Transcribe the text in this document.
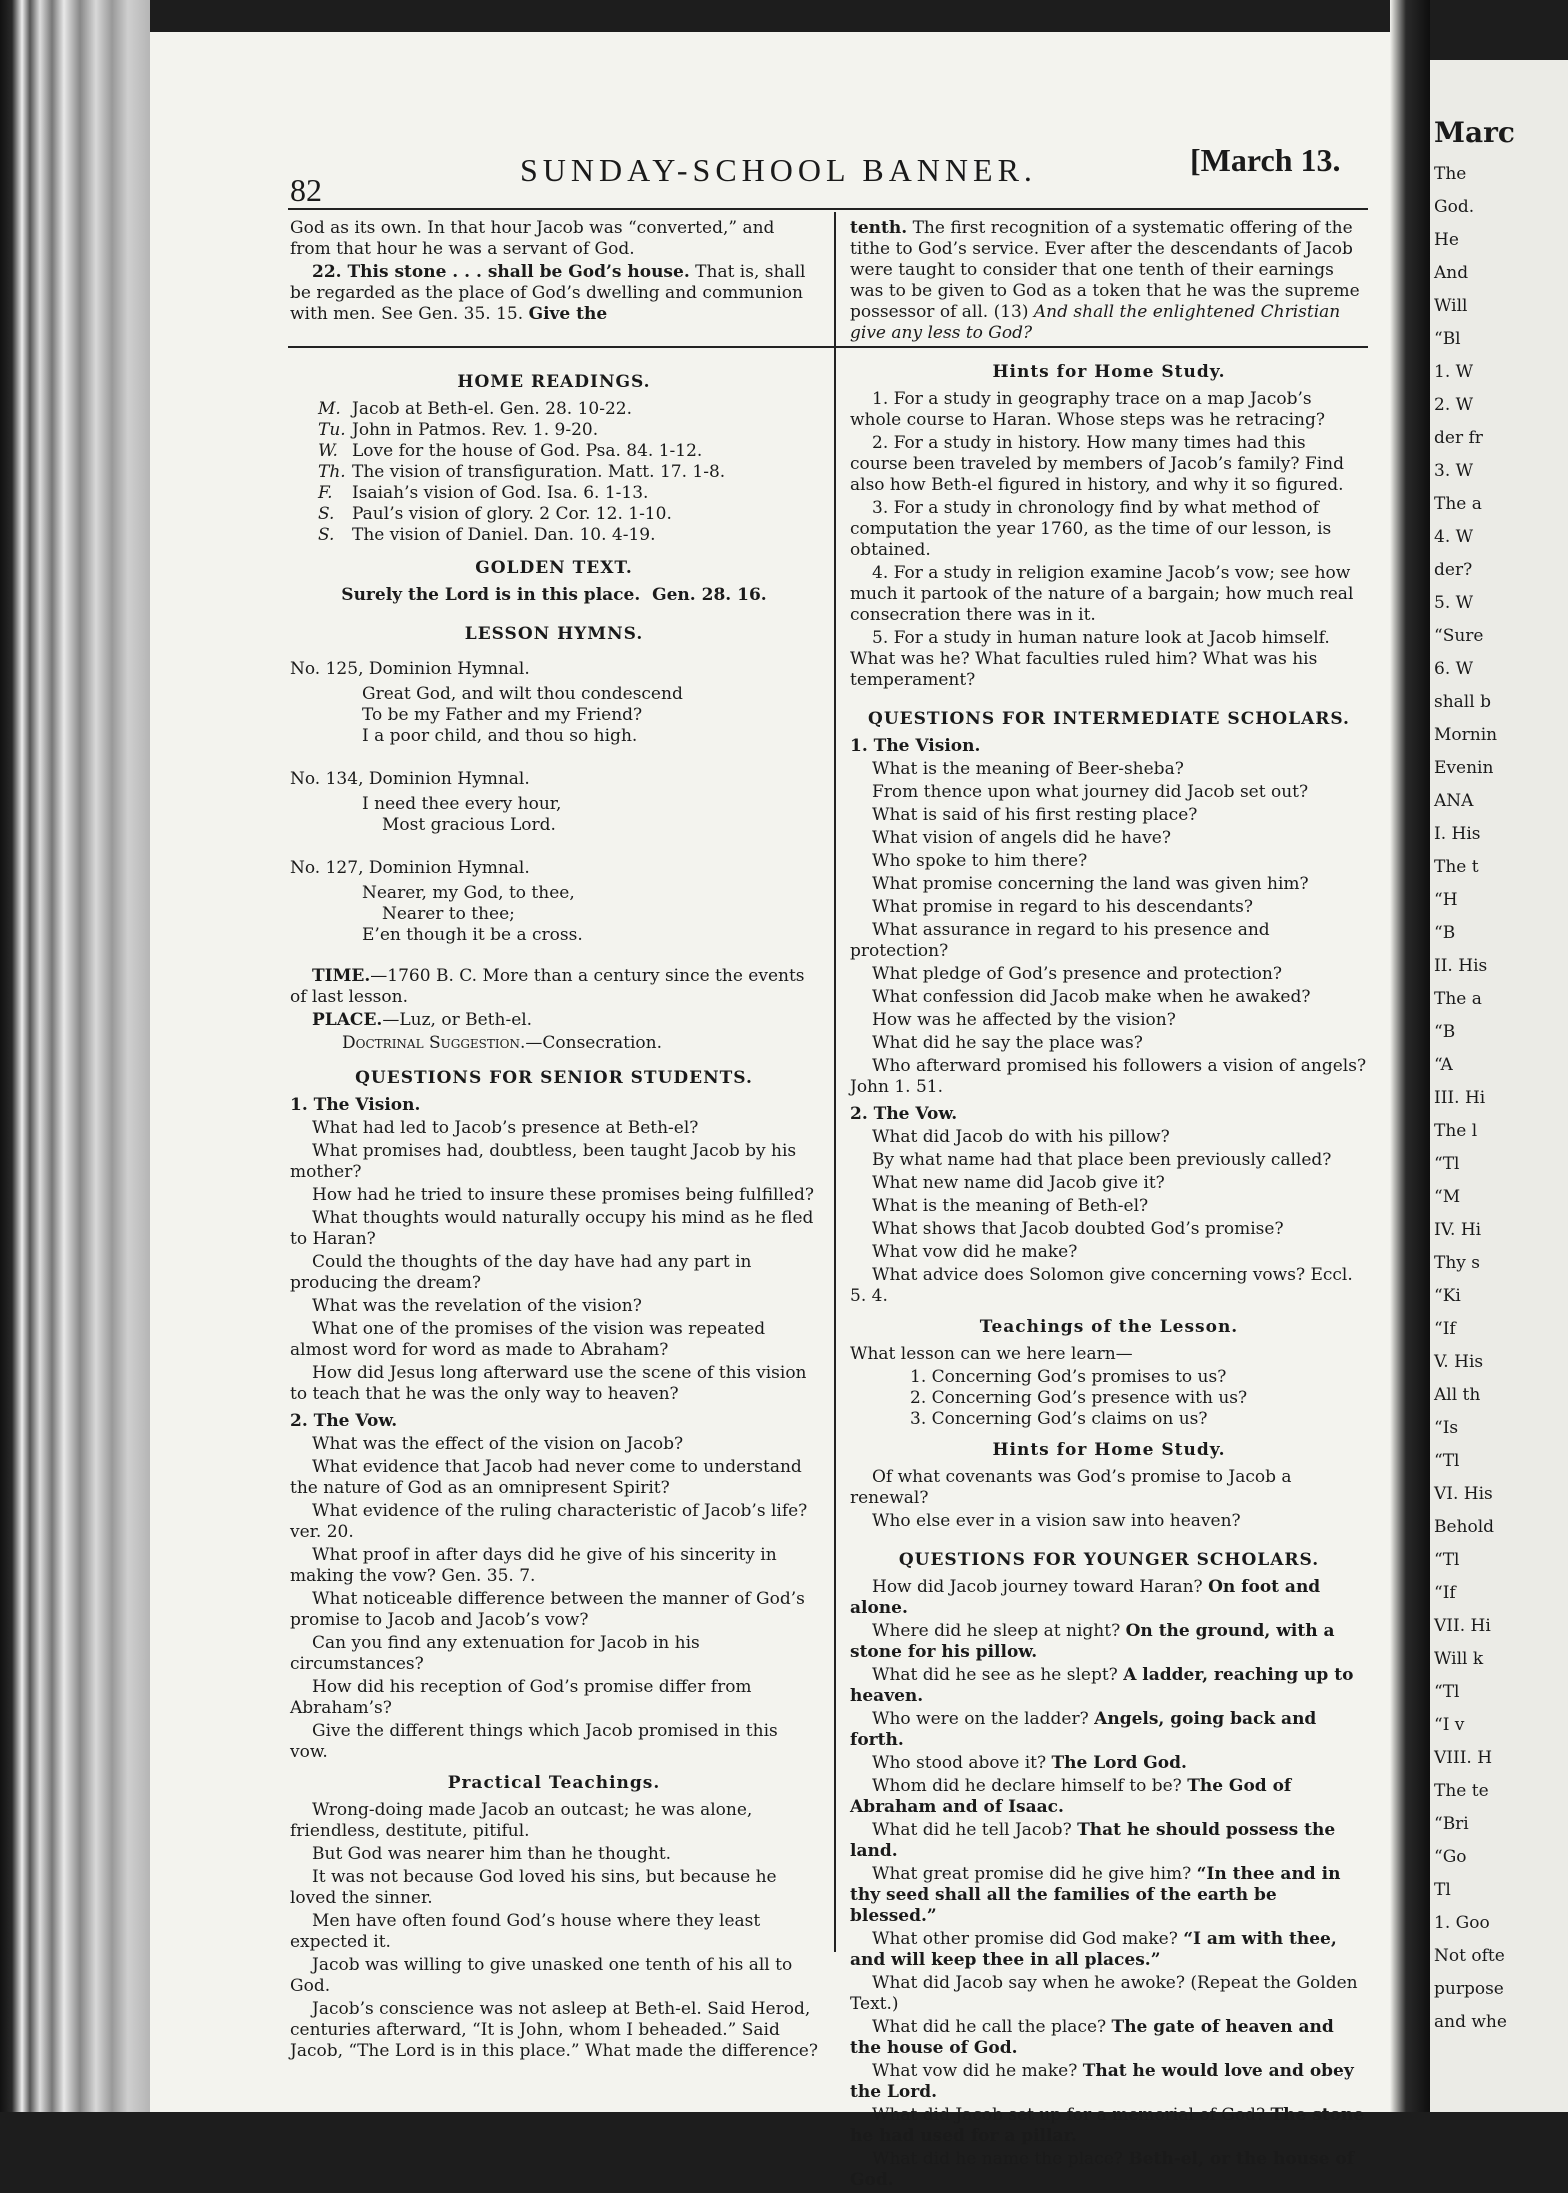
82
SUNDAY-SCHOOL BANNER.	[March 13.

God as its own. In that hour Jacob was “converted,” and from that hour he was a servant of God.

22. This stone . . . shall be God’s house. That is, shall be regarded as the place of God’s dwelling and communion with men. See Gen. 35. 15. Give the

tenth. The first recognition of a systematic offering of the tithe to God’s service. Ever after the descendants of Jacob were taught to consider that one tenth of their earnings was to be given to God as a token that he was the supreme possessor of all. (13) And shall the enlightened Christian give any less to God?

HOME READINGS.
M. Jacob at Beth-el. Gen. 28. 10-22.
Tu. John in Patmos. Rev. 1. 9-20.
W. Love for the house of God. Psa. 84. 1-12.
Th. The vision of transfiguration. Matt. 17. 1-8.
F. Isaiah’s vision of God. Isa. 6. 1-13.
S. Paul’s vision of glory. 2 Cor. 12. 1-10.
S. The vision of Daniel. Dan. 10. 4-19.
GOLDEN TEXT.
Surely the Lord is in this place. Gen. 28. 16.
LESSON HYMNS.
No. 125, Dominion Hymnal.
Great God, and wilt thou condescend
To be my Father and my Friend?
I a poor child, and thou so high.
No. 134, Dominion Hymnal.
I need thee every hour,
Most gracious Lord.
No. 127, Dominion Hymnal.
Nearer, my God, to thee,
Nearer to thee;
E’en though it be a cross.

TIME.—1760 B. C. More than a century since the events of last lesson.

PLACE.—Luz, or Beth-el.

Doctrinal Suggestion.—Consecration.

QUESTIONS FOR SENIOR STUDENTS.
1. The Vision.

What had led to Jacob’s presence at Beth-el?

What promises had, doubtless, been taught Jacob by his mother?

How had he tried to insure these promises being fulfilled?

What thoughts would naturally occupy his mind as he fled to Haran?

Could the thoughts of the day have had any part in producing the dream?

What was the revelation of the vision?

What one of the promises of the vision was repeated almost word for word as made to Abraham?

How did Jesus long afterward use the scene of this vision to teach that he was the only way to heaven?

2. The Vow.

What was the effect of the vision on Jacob?

What evidence that Jacob had never come to understand the nature of God as an omnipresent Spirit?

What evidence of the ruling characteristic of Jacob’s life? ver. 20.

What proof in after days did he give of his sincerity in making the vow? Gen. 35. 7.

What noticeable difference between the manner of God’s promise to Jacob and Jacob’s vow?

Can you find any extenuation for Jacob in his circumstances?

How did his reception of God’s promise differ from Abraham’s?

Give the different things which Jacob promised in this vow.

Practical Teachings.

Wrong-doing made Jacob an outcast; he was alone, friendless, destitute, pitiful.

But God was nearer him than he thought.

It was not because God loved his sins, but because he loved the sinner.

Men have often found God’s house where they least expected it.

Jacob was willing to give unasked one tenth of his all to God.

Jacob’s conscience was not asleep at Beth-el. Said Herod, centuries afterward, “It is John, whom I beheaded.” Said Jacob, “The Lord is in this place.” What made the difference?

Hints for Home Study.

1. For a study in geography trace on a map Jacob’s whole course to Haran. Whose steps was he retracing?

2. For a study in history. How many times had this course been traveled by members of Jacob’s family? Find also how Beth-el figured in history, and why it so figured.

3. For a study in chronology find by what method of computation the year 1760, as the time of our lesson, is obtained.

4. For a study in religion examine Jacob’s vow; see how much it partook of the nature of a bargain; how much real consecration there was in it.

5. For a study in human nature look at Jacob himself. What was he? What faculties ruled him? What was his temperament?

QUESTIONS FOR INTERMEDIATE SCHOLARS.
1. The Vision.

What is the meaning of Beer-sheba?

From thence upon what journey did Jacob set out?

What is said of his first resting place?

What vision of angels did he have?

Who spoke to him there?

What promise concerning the land was given him?

What promise in regard to his descendants?

What assurance in regard to his presence and protection?

What pledge of God’s presence and protection?

What confession did Jacob make when he awaked?

How was he affected by the vision?

What did he say the place was?

Who afterward promised his followers a vision of angels? John 1. 51.

2. The Vow.

What did Jacob do with his pillow?

By what name had that place been previously called?

What new name did Jacob give it?

What is the meaning of Beth-el?

What shows that Jacob doubted God’s promise?

What vow did he make?

What advice does Solomon give concerning vows? Eccl. 5. 4.

Teachings of the Lesson.

What lesson can we here learn—

1. Concerning God’s promises to us?
2. Concerning God’s presence with us?
3. Concerning God’s claims on us?
Hints for Home Study.

Of what covenants was God’s promise to Jacob a renewal?

Who else ever in a vision saw into heaven?

QUESTIONS FOR YOUNGER SCHOLARS.

How did Jacob journey toward Haran? On foot and alone.

Where did he sleep at night? On the ground, with a stone for his pillow.

What did he see as he slept? A ladder, reaching up to heaven.

Who were on the ladder? Angels, going back and forth.

Who stood above it? The Lord God.

Whom did he declare himself to be? The God of Abraham and of Isaac.

What did he tell Jacob? That he should possess the land.

What great promise did he give him? “In thee and in thy seed shall all the families of the earth be blessed.”

What other promise did God make? “I am with thee, and will keep thee in all places.”

What did Jacob say when he awoke? (Repeat the Golden Text.)

What did he call the place? The gate of heaven and the house of God.

What vow did he make? That he would love and obey the Lord.

What did Jacob set up for a memorial of God? The stone he had used for a pillar.

What did he name the place? Beth-el, or the house of God.

Marc
The
God.
He
And
Will
“Bl
1. W
2. W
der fr
3. W
The a
4. W
der?
5. W
“Sure
6. W
shall b
Mornin
Evenin
ANA
I. His
The t
“H
“B
II. His
The a
“B
“A
III. Hi
The l
“Tl
“M
IV. Hi
Thy s
“Ki
“If
V. His
All th
“Is
“Tl
VI. His
Behold
“Tl
“If
VII. Hi
Will k
“Tl
“I v
VIII. H
The te
“Bri
“Go
Tl
1. Goo
Not ofte
purpose
and whe
